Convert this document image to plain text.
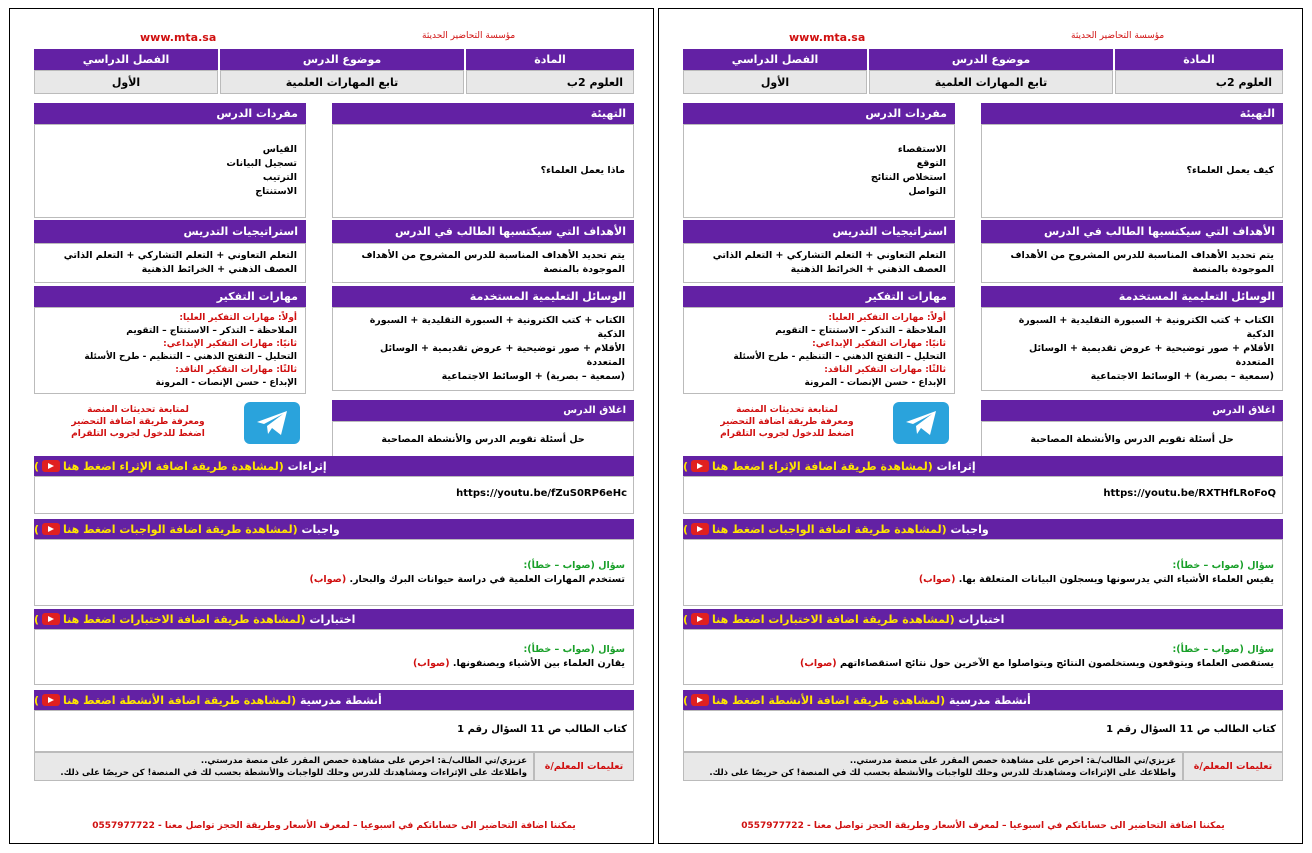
www.mta.sa	مؤسسة التحاضير الحديثة
المادة
موضوع الدرس
الفصل الدراسي
العلوم 2ب
تابع المهارات العلمية
الأول
التهيئة
كيف يعمل العلماء؟
مفردات الدرس
الاستقصاء
التوقع
استخلاص النتائج
التواصل
الأهداف التي سيكتسبها الطالب في الدرس
يتم تحديد الأهداف المناسبة للدرس المشروح من الأهداف الموجودة بالمنصة
استراتيجيات التدريس
التعلم التعاوني + التعلم التشاركي + التعلم الذاتي
العصف الذهني + الخرائط الذهنية
الوسائل التعليمية المستخدمة
الكتاب + كتب الكترونية + السبورة التقليدية + السبورة الذكية
الأقلام + صور توضيحية + عروض تقديمية + الوسائل المتعددة
(سمعية – بصرية) + الوسائط الاجتماعية
مهارات التفكير
أولاً: مهارات التفكير العليا:
الملاحظة – التذكر – الاستنتاج – التقويم
ثانيًا: مهارات التفكير الإبداعي:
التحليل – التفتح الذهني – التنظيم - طرح الأسئلة
ثالثًا: مهارات التفكير الناقد:
الإبداع - حسن الإنصات - المرونة
اغلاق الدرس
حل أسئلة تقويم الدرس والأنشطة المصاحبة
لمتابعة تحديثات المنصة
ومعرفة طريقة اضافة التحضير
اضغط للدخول لجروب التلقرام
إثراءات

(لمشاهدة طريقة اضافة الإثراء اضغط هنا
)
https://youtu.be/RXTHfLRoFoQ
واجبات

(لمشاهدة طريقة اضافة الواجبات اضغط هنا
)
سؤال (صواب – خطأ):
يقيس العلماء الأشياء التي يدرسونها ويسجلون البيانات المتعلقة بها. (صواب)
اختبارات

(لمشاهدة طريقة اضافة الاختبارات اضغط هنا
)
سؤال (صواب – خطأ):
يستقصى العلماء ويتوقعون ويستخلصون النتائج ويتواصلوا مع الآخرين حول نتائج استقصاءاتهم (صواب)
أنشطة مدرسية

(لمشاهدة طريقة اضافة الأنشطة اضغط هنا
)
كتاب الطالب ص 11 السؤال رقم 1
تعليمات المعلم/ة
عزيزي/تي الطالب/ـة: احرص على مشاهدة حصص المقرر على منصة مدرستي..
واطلاعك على الإثراءات ومشاهدتك للدرس وحلك للواجبات والأنشطة بحسب لك في المنصة! كن حريصًا على ذلك.
يمكننا اضافة التحاضير الى حساباتكم في اسبوعيا – لمعرف الأسعار وطريقة الحجز تواصل معنا - 0557977722
www.mta.sa	مؤسسة التحاضير الحديثة
المادة
موضوع الدرس
الفصل الدراسي
العلوم 2ب
تابع المهارات العلمية
الأول
التهيئة
ماذا يعمل العلماء؟
مفردات الدرس
القياس
تسجيل البيانات
الترتيب
الاستنتاج
الأهداف التي سيكتسبها الطالب في الدرس
يتم تحديد الأهداف المناسبة للدرس المشروح من الأهداف الموجودة بالمنصة
استراتيجيات التدريس
التعلم التعاوني + التعلم التشاركي + التعلم الذاتي
العصف الذهني + الخرائط الذهنية
الوسائل التعليمية المستخدمة
الكتاب + كتب الكترونية + السبورة التقليدية + السبورة الذكية
الأقلام + صور توضيحية + عروض تقديمية + الوسائل المتعددة
(سمعية – بصرية) + الوسائط الاجتماعية
مهارات التفكير
أولاً: مهارات التفكير العليا:
الملاحظة – التذكر – الاستنتاج – التقويم
ثانيًا: مهارات التفكير الإبداعي:
التحليل – التفتح الذهني – التنظيم - طرح الأسئلة
ثالثًا: مهارات التفكير الناقد:
الإبداع - حسن الإنصات - المرونة
اغلاق الدرس
حل أسئلة تقويم الدرس والأنشطة المصاحبة
لمتابعة تحديثات المنصة
ومعرفة طريقة اضافة التحضير
اضغط للدخول لجروب التلقرام
إثراءات

(لمشاهدة طريقة اضافة الإثراء اضغط هنا
)
https://youtu.be/fZuS0RP6eHc
واجبات

(لمشاهدة طريقة اضافة الواجبات اضغط هنا
)
سؤال (صواب – خطأ):
تستخدم المهارات العلمية في دراسة حيوانات البرك والبحار. (صواب)
اختبارات

(لمشاهدة طريقة اضافة الاختبارات اضغط هنا
)
سؤال (صواب – خطأ):
يقارن العلماء بين الأشياء ويصنفونها. (صواب)
أنشطة مدرسية

(لمشاهدة طريقة اضافة الأنشطة اضغط هنا
)
كتاب الطالب ص 11 السؤال رقم 1
تعليمات المعلم/ة
عزيزي/تي الطالب/ـة: احرص على مشاهدة حصص المقرر على منصة مدرستي..
واطلاعك على الإثراءات ومشاهدتك للدرس وحلك للواجبات والأنشطة بحسب لك في المنصة! كن حريصًا على ذلك.
يمكننا اضافة التحاضير الى حساباتكم في اسبوعيا – لمعرف الأسعار وطريقة الحجز تواصل معنا - 0557977722
